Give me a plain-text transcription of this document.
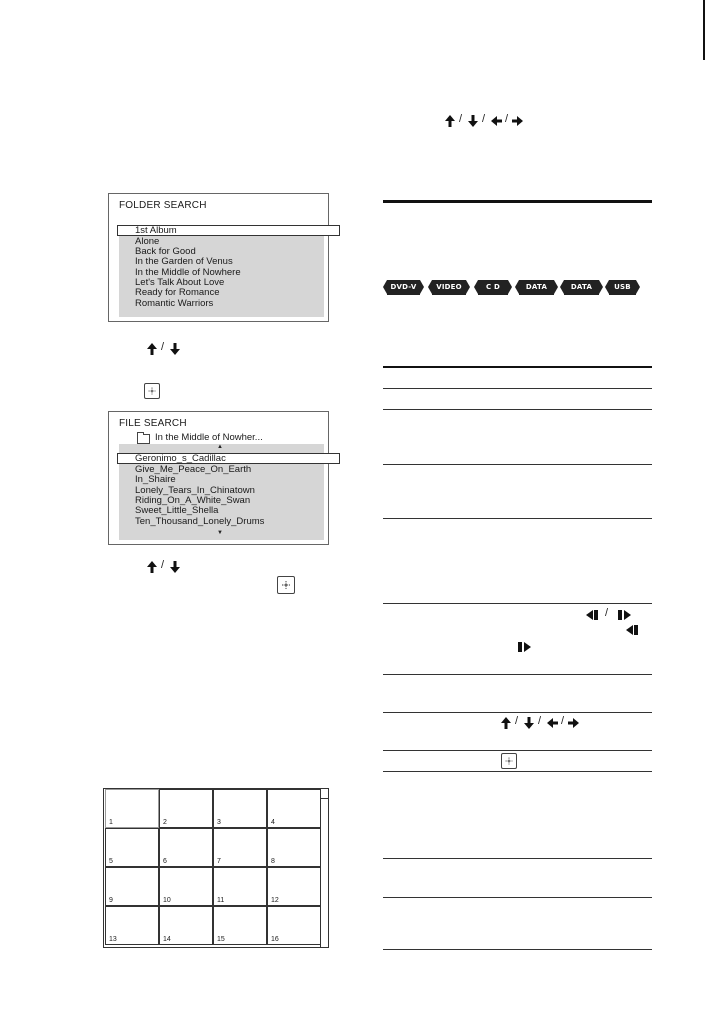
/ / /
FOLDER SEARCH
1st Album
Alone
Back for Good
In the Garden of Venus
In the Middle of Nowhere
Let's Talk About Love
Ready for Romance
Romantic Warriors
/
FILE SEARCH
In the Middle of Nowher...
▲
Geronimo_s_Cadillac
Give_Me_Peace_On_Earth
In_Shaire
Lonely_Tears_In_Chinatown
Riding_On_A_White_Swan
Sweet_Little_Shella
Ten_Thousand_Lonely_Drums
▼
/
1	2	3	4
5	6	7	8
9	10	11	12
13	14	15	16
DVD-V	VIDEO CD
C D	DATA CD
DATA DVD
USB
/
/ / /
